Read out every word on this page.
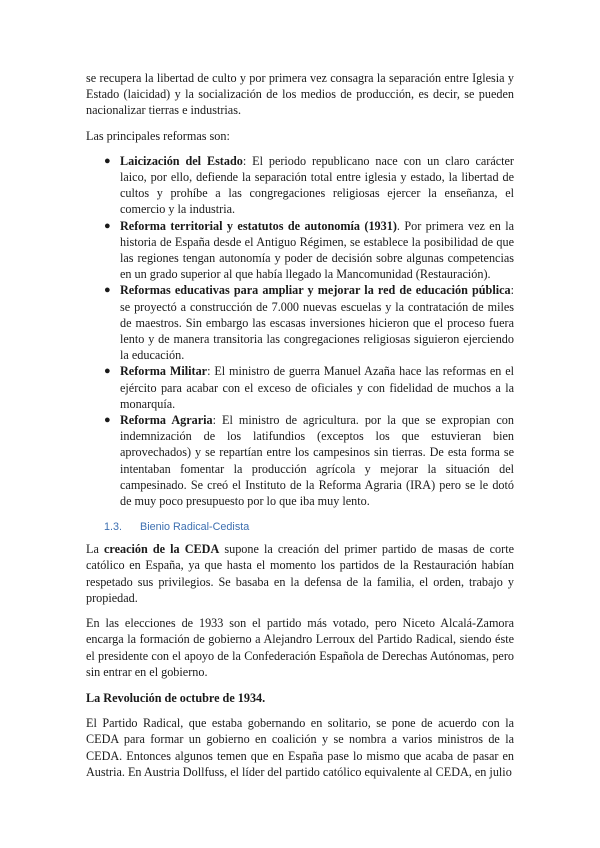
se recupera la libertad de culto y por primera vez consagra la separación entre Iglesia y Estado (laicidad) y la socialización de los medios de producción, es decir, se pueden nacionalizar tierras e industrias.

Las principales reformas son:

● Laicización del Estado: El periodo republicano nace con un claro carácter laico, por ello, defiende la separación total entre iglesia y estado, la libertad de cultos y prohíbe a las congregaciones religiosas ejercer la enseñanza, el comercio y la industria.
● Reforma territorial y estatutos de autonomía (1931). Por primera vez en la historia de España desde el Antiguo Régimen, se establece la posibilidad de que las regiones tengan autonomía y poder de decisión sobre algunas competencias en un grado superior al que había llegado la Mancomunidad (Restauración).
● Reformas educativas para ampliar y mejorar la red de educación pública: se proyectó a construcción de 7.000 nuevas escuelas y la contratación de miles de maestros. Sin embargo las escasas inversiones hicieron que el proceso fuera lento y de manera transitoria las congregaciones religiosas siguieron ejerciendo la educación.
● Reforma Militar: El ministro de guerra Manuel Azaña hace las reformas en el ejército para acabar con el exceso de oficiales y con fidelidad de muchos a la monarquía.
● Reforma Agraria: El ministro de agricultura. por la que se expropian con indemnización de los latifundios (exceptos los que estuvieran bien aprovechados) y se repartían entre los campesinos sin tierras. De esta forma se intentaban fomentar la producción agrícola y mejorar la situación del campesinado. Se creó el Instituto de la Reforma Agraria (IRA) pero se le dotó de muy poco presupuesto por lo que iba muy lento.
1.3. Bienio Radical-Cedista

La creación de la CEDA supone la creación del primer partido de masas de corte católico en España, ya que hasta el momento los partidos de la Restauración habían respetado sus privilegios. Se basaba en la defensa de la familia, el orden, trabajo y propiedad.

En las elecciones de 1933 son el partido más votado, pero Niceto Alcalá-Zamora encarga la formación de gobierno a Alejandro Lerroux del Partido Radical, siendo éste el presidente con el apoyo de la Confederación Española de Derechas Autónomas, pero sin entrar en el gobierno.

La Revolución de octubre de 1934.

El Partido Radical, que estaba gobernando en solitario, se pone de acuerdo con la CEDA para formar un gobierno en coalición y se nombra a varios ministros de la CEDA. Entonces algunos temen que en España pase lo mismo que acaba de pasar en Austria. En Austria Dollfuss, el líder del partido católico equivalente al CEDA, en julio
